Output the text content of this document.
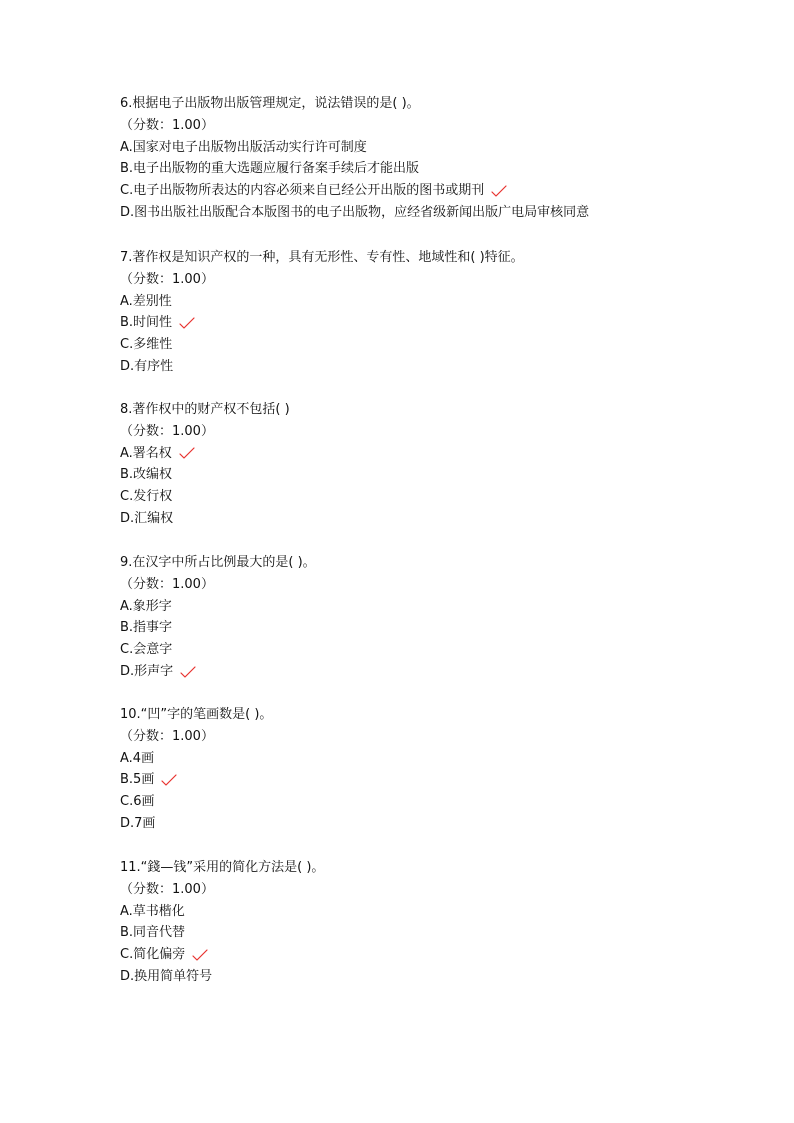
6.根据电子出版物出版管理规定，说法错误的是( )。
（分数：1.00）
A.国家对电子出版物出版活动实行许可制度
B.电子出版物的重大选题应履行备案手续后才能出版
C.电子出版物所表达的内容必须来自已经公开出版的图书或期刊
D.图书出版社出版配合本版图书的电子出版物，应经省级新闻出版广电局审核同意
7.著作权是知识产权的一种，具有无形性、专有性、地域性和( )特征。
（分数：1.00）
A.差别性
B.时间性
C.多维性
D.有序性
8.著作权中的财产权不包括( )
（分数：1.00）
A.署名权
B.改编权
C.发行权
D.汇编权
9.在汉字中所占比例最大的是( )。
（分数：1.00）
A.象形字
B.指事字
C.会意字
D.形声字
10.“凹”字的笔画数是( )。
（分数：1.00）
A.4画
B.5画
C.6画
D.7画
11.“錢—钱”采用的简化方法是( )。
（分数：1.00）
A.草书楷化
B.同音代替
C.简化偏旁
D.换用简单符号
